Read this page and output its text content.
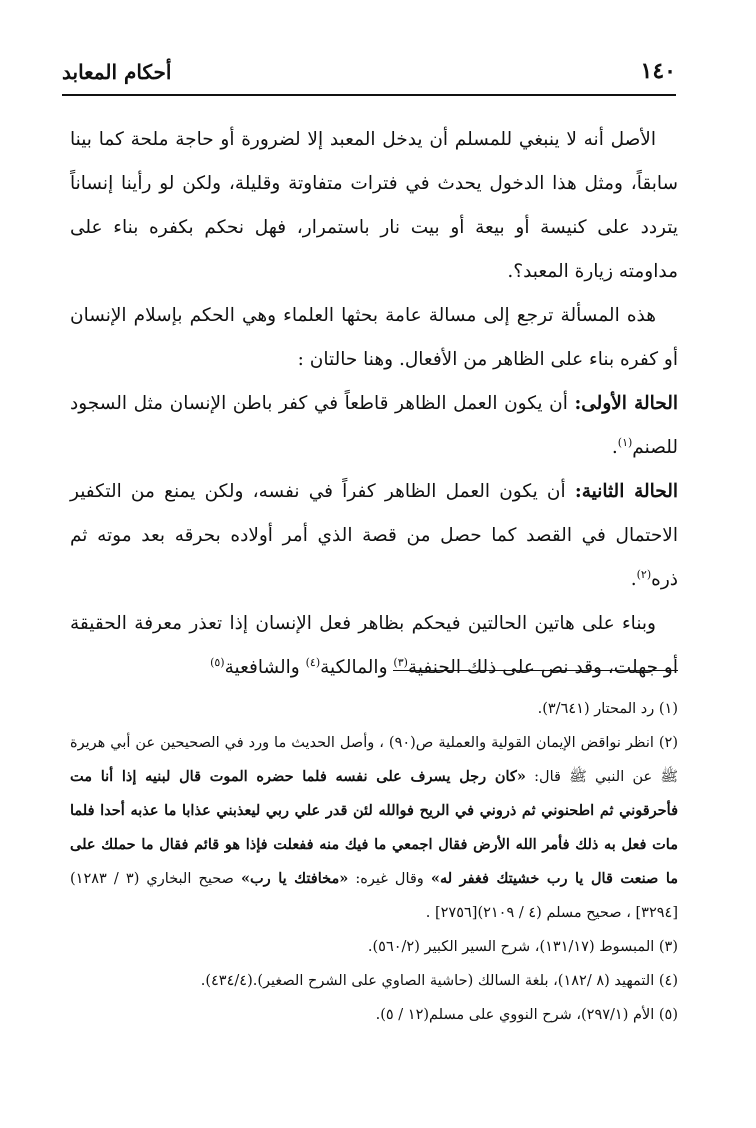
أحكام المعابد	١٤٠

الأصل أنه لا ينبغي للمسلم أن يدخل المعبد إلا لضرورة أو حاجة ملحة كما بينا سابقاً، ومثل هذا الدخول يحدث في فترات متفاوتة وقليلة، ولكن لو رأينا إنساناً يتردد على كنيسة أو بيعة أو بيت نار باستمرار، فهل نحكم بكفره بناء على مداومته زيارة المعبد؟.

هذه المسألة ترجع إلى مسالة عامة بحثها العلماء وهي الحكم بإسلام الإنسان أو كفره بناء على الظاهر من الأفعال. وهنا حالتان :

الحالة الأولى: أن يكون العمل الظاهر قاطعاً في كفر باطن الإنسان مثل السجود للصنم$^{(١)}$.

الحالة الثانية: أن يكون العمل الظاهر كفراً في نفسه، ولكن يمنع من التكفير الاحتمال في القصد كما حصل من قصة الذي أمر أولاده بحرقه بعد موته ثم ذره$^{(٢)}$.

وبناء على هاتين الحالتين فيحكم بظاهر فعل الإنسان إذا تعذر معرفة الحقيقة أو جهلت، وقد نص على ذلك الحنفية$^{(٣)}$ والمالكية$^{(٤)}$ والشافعية$^{(٥)}$

(١) رد المحتار (٣/٦٤١).

(٢) انظر نواقض الإيمان القولية والعملية ص(٩٠) ، وأصل الحديث ما ورد في الصحيحين عن أبي هريرة ﷺ عن النبي ﷺ قال: «كان رجل يسرف على نفسه فلما حضره الموت قال لبنيه إذا أنا مت فأحرقوني ثم اطحنوني ثم ذروني في الريح فوالله لئن قدر علي ربي ليعذبني عذابا ما عذبه أحدا فلما مات فعل به ذلك فأمر الله الأرض فقال اجمعي ما فيك منه ففعلت فإذا هو قائم فقال ما حملك على ما صنعت قال يا رب خشيتك فغفر له» وقال غيره: «مخافتك يا رب» صحيح البخاري (٣ / ١٢٨٣)[٣٢٩٤] ، صحيح مسلم (٤ / ٢١٠٩)[٢٧٥٦] .

(٣) المبسوط (١٣١/١٧)، شرح السير الكبير (٥٦٠/٢).

(٤) التمهيد (٨ /١٨٢)، بلغة السالك (حاشية الصاوي على الشرح الصغير).(٤٣٤/٤).

(٥) الأم (٢٩٧/١)، شرح النووي على مسلم(١٢ / ٥).
